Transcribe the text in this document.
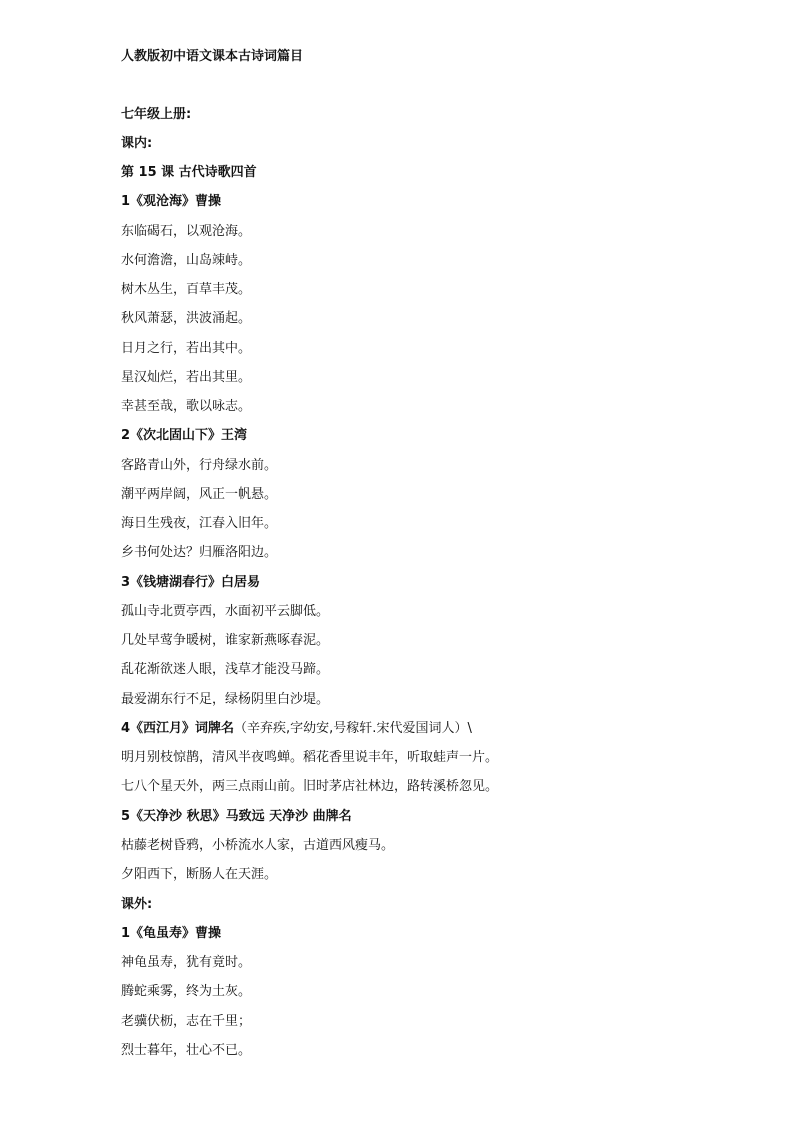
人教版初中语文课本古诗词篇目
七年级上册:
课内:
第 15 课 古代诗歌四首
1《观沧海》曹操
东临碣石，以观沧海。
水何澹澹，山岛竦峙。
树木丛生，百草丰茂。
秋风萧瑟，洪波涌起。
日月之行，若出其中。
星汉灿烂，若出其里。
幸甚至哉，歌以咏志。
2《次北固山下》王湾
客路青山外，行舟绿水前。
潮平两岸阔，风正一帆悬。
海日生残夜，江春入旧年。
乡书何处达？归雁洛阳边。
3《钱塘湖春行》白居易
孤山寺北贾亭西，水面初平云脚低。
几处早莺争暖树，谁家新燕啄春泥。
乱花渐欲迷人眼，浅草才能没马蹄。
最爱湖东行不足，绿杨阴里白沙堤。
4《西江月》词牌名（辛弃疾,字幼安,号稼轩.宋代爱国词人）\
明月别枝惊鹊，清风半夜鸣蝉。稻花香里说丰年，听取蛙声一片。
七八个星天外，两三点雨山前。旧时茅店社林边，路转溪桥忽见。
5《天净沙 秋思》马致远 天净沙 曲牌名
枯藤老树昏鸦，小桥流水人家，古道西风瘦马。
夕阳西下，断肠人在天涯。
课外:
1《龟虽寿》曹操
神龟虽寿，犹有竟时。
腾蛇乘雾，终为土灰。
老骥伏枥，志在千里；
烈士暮年，壮心不已。
